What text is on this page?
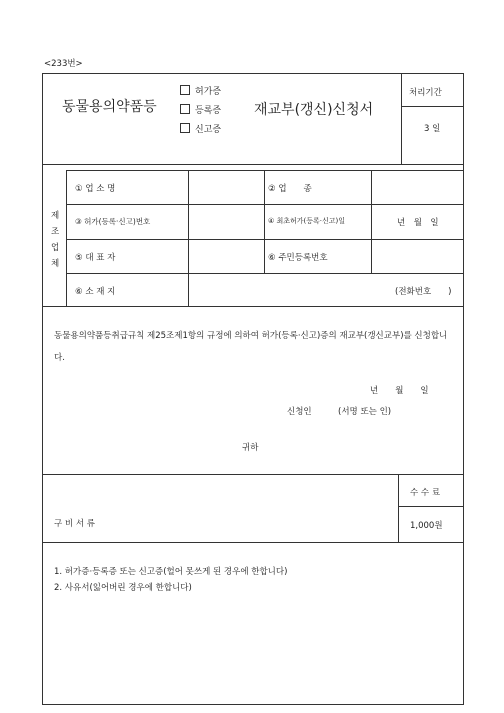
<233번>
동물용의약품등
허가증
등록증
신고증
재교부(갱신)신청서
처리기간
3 일
제
조
업
체
① 업 소 명	② 업　　종
③ 허가(등록·신고)번호	④ 최초허가(등록·신고)일	년　월　일
⑤ 대 표 자	⑥ 주민등록번호
⑥ 소 재 지	(전화번호　　)
동물용의약품등취급규칙 제25조제1항의 규정에 의하여 허가(등록·신고)증의 재교부(갱신교부)를 신청합니다.
년　　월　　일
신청인	(서명 또는 인)
귀하
구 비 서 류
수 수 료
1,000원
1. 허가증·등록증 또는 신고증(헐어 못쓰게 된 경우에 한합니다)
2. 사유서(잃어버린 경우에 한합니다)
